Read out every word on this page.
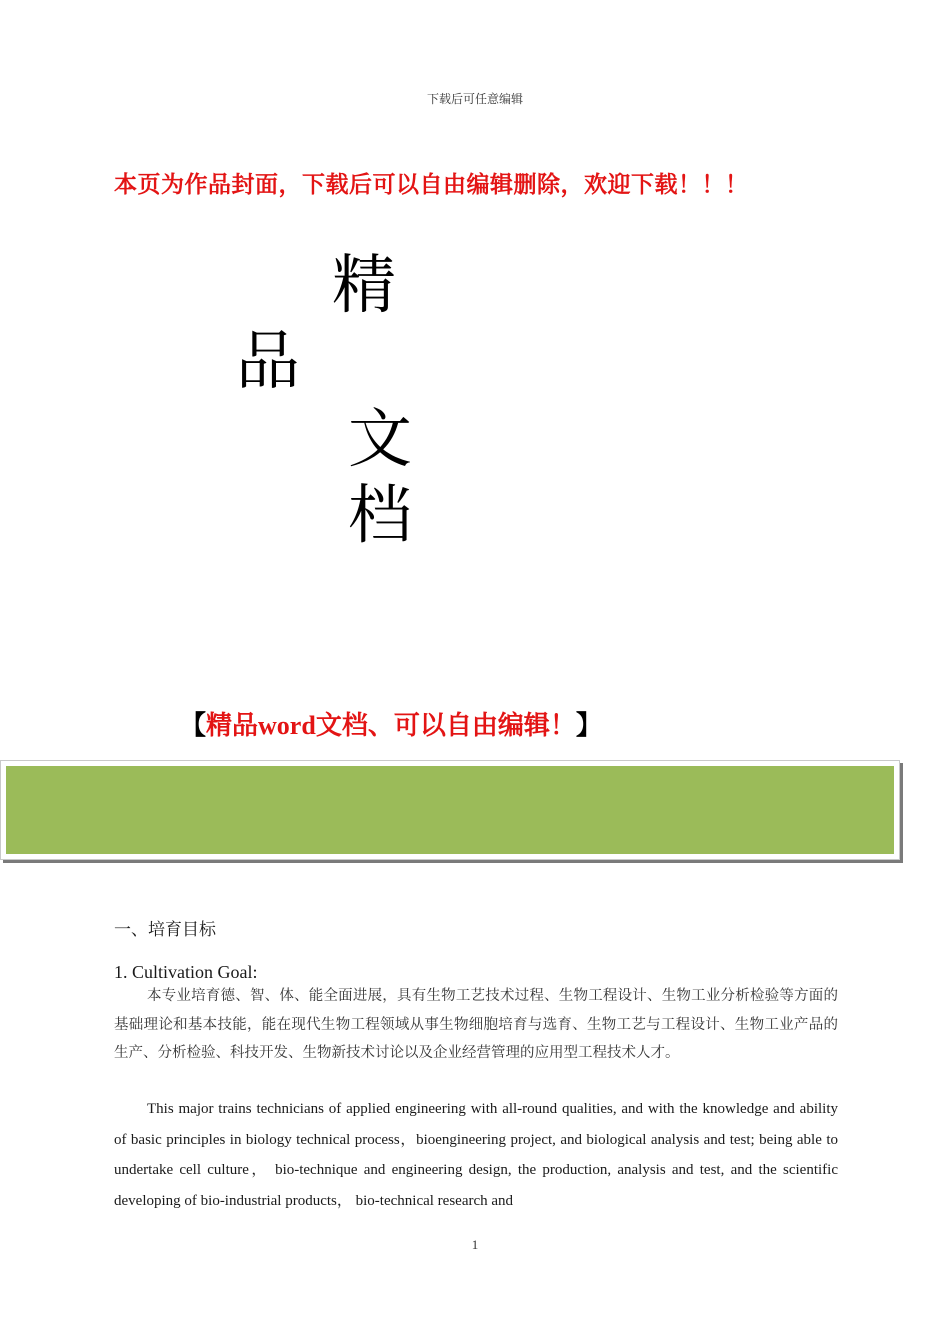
下载后可任意编辑
本页为作品封面，下载后可以自由编辑删除，欢迎下载！！！
精
品
文
档
【精品word文档、可以自由编辑！】
一、培育目标
1. Cultivation Goal:

本专业培育德、智、体、能全面进展，具有生物工艺技术过程、生物工程设计、生物工业分析检验等方面的基础理论和基本技能，能在现代生物工程领域从事生物细胞培育与选育、生物工艺与工程设计、生物工业产品的生产、分析检验、科技开发、生物新技术讨论以及企业经营管理的应用型工程技术人才。

This major trains technicians of applied engineering with all-round qualities, and with the knowledge and ability of basic principles in biology technical process，bioengineering project, and biological analysis and test; being able to undertake cell culture， bio-technique and engineering design, the production, analysis and test, and the scientific developing of bio-industrial products， bio-technical research and

1
